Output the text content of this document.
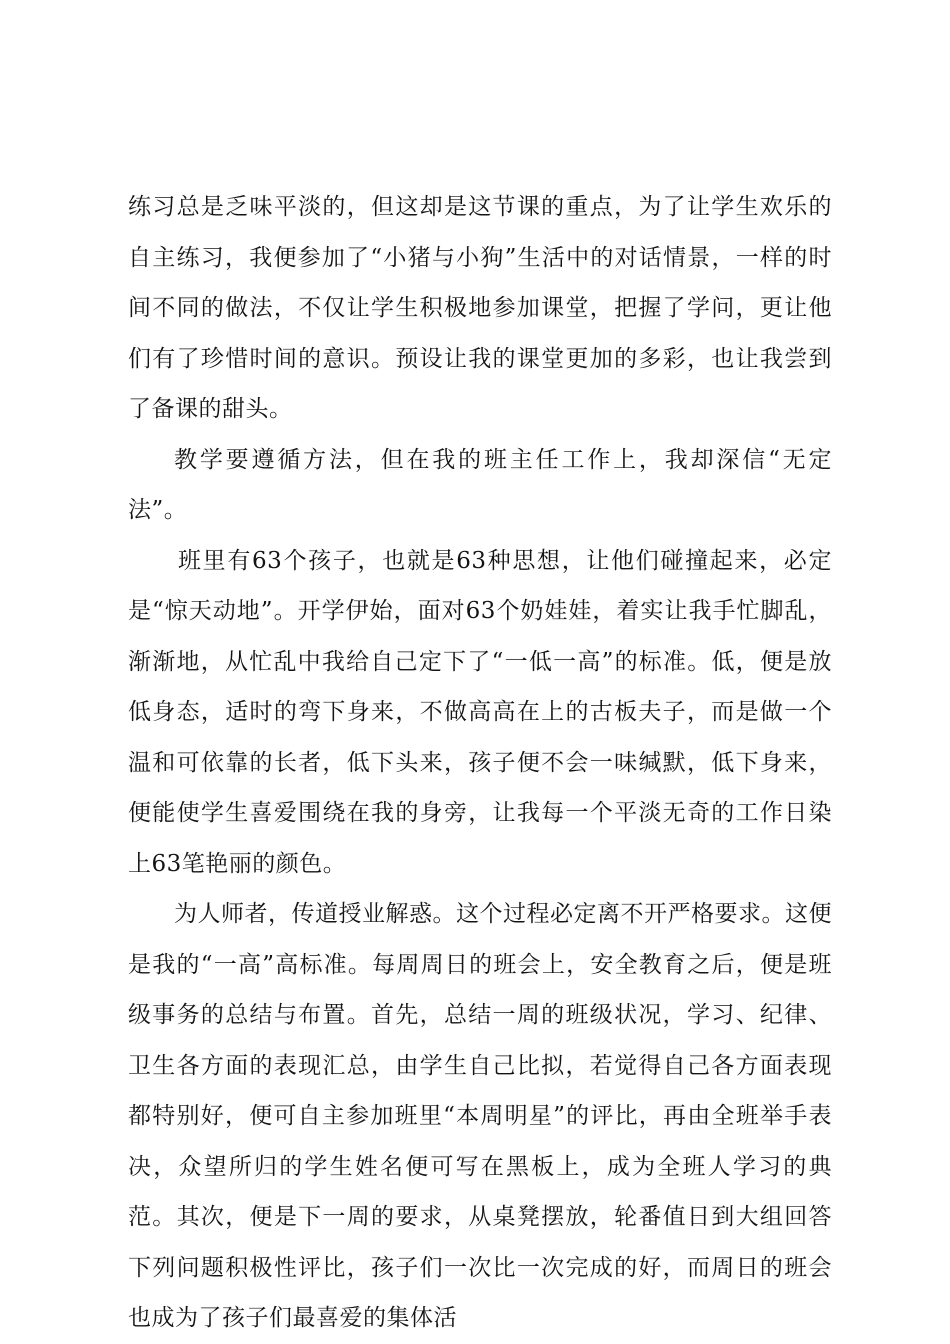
练习总是乏味平淡的，但这却是这节课的重点，为了让学生欢乐的自主练习，我便参加了“小猪与小狗”生活中的对话情景，一样的时间不同的做法，不仅让学生积极地参加课堂，把握了学问，更让他们有了珍惜时间的意识。预设让我的课堂更加的多彩，也让我尝到了备课的甜头。

教学要遵循方法，但在我的班主任工作上，我却深信“无定法”。

班里有63个孩子，也就是63种思想，让他们碰撞起来，必定是“惊天动地”。开学伊始，面对63个奶娃娃，着实让我手忙脚乱，渐渐地，从忙乱中我给自己定下了“一低一高”的标准。低，便是放低身态，适时的弯下身来，不做高高在上的古板夫子，而是做一个温和可依靠的长者，低下头来，孩子便不会一味缄默，低下身来，便能使学生喜爱围绕在我的身旁，让我每一个平淡无奇的工作日染上63笔艳丽的颜色。

为人师者，传道授业解惑。这个过程必定离不开严格要求。这便是我的“一高”高标准。每周周日的班会上，安全教育之后，便是班级事务的总结与布置。首先，总结一周的班级状况，学习、纪律、卫生各方面的表现汇总，由学生自己比拟，若觉得自己各方面表现都特别好，便可自主参加班里“本周明星”的评比，再由全班举手表决，众望所归的学生姓名便可写在黑板上，成为全班人学习的典范。其次，便是下一周的要求，从桌凳摆放，轮番值日到大组回答下列问题积极性评比，孩子们一次比一次完成的好，而周日的班会也成为了孩子们最喜爱的集体活
